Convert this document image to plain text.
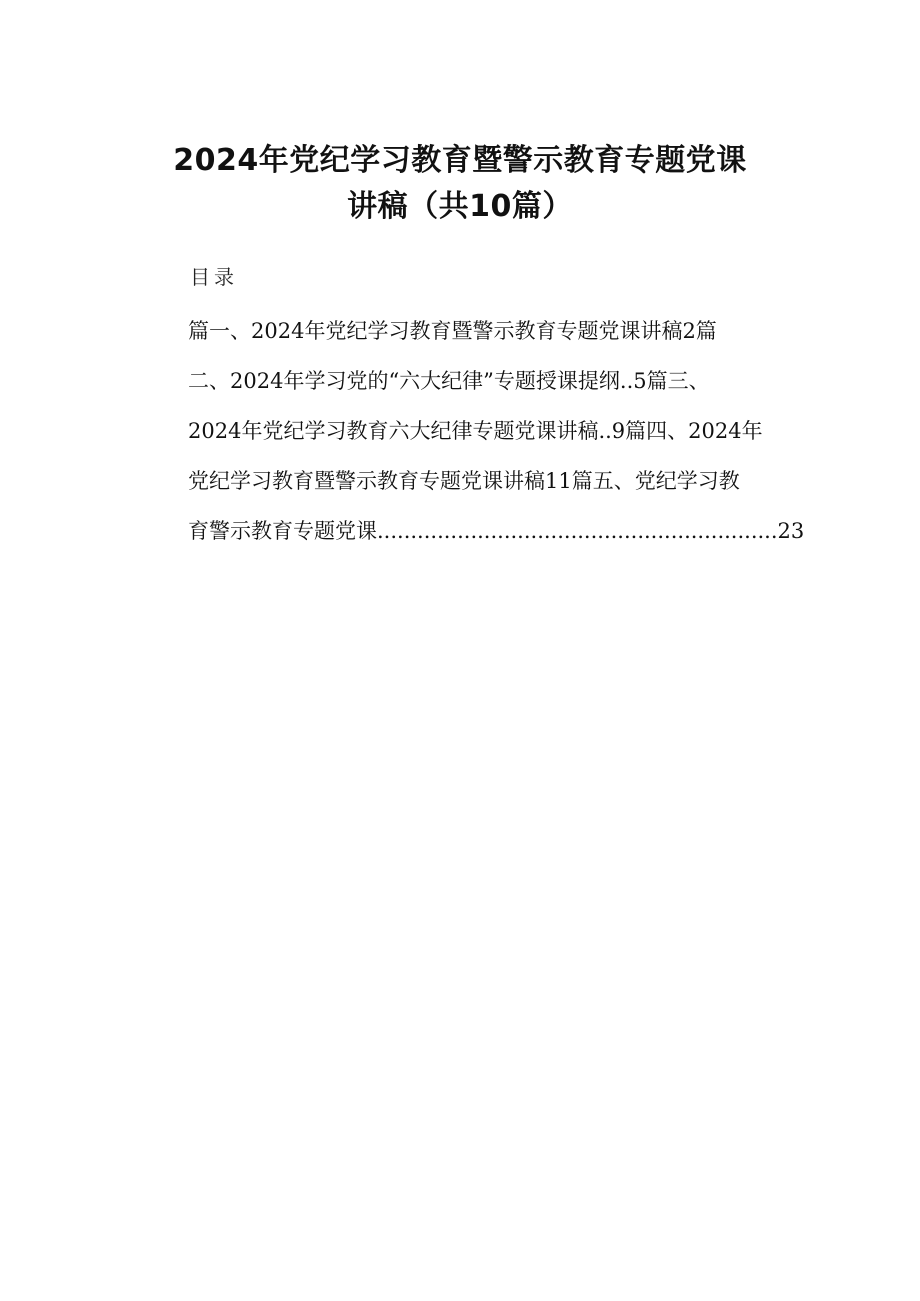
2024年党纪学习教育暨警示教育专题党课
讲稿（共10篇）
目录
篇一、2024年党纪学习教育暨警示教育专题党课讲稿2篇
二、2024年学习党的“六大纪律”专题授课提纲..5篇三、
2024年党纪学习教育六大纪律专题党课讲稿..9篇四、2024年
党纪学习教育暨警示教育专题党课讲稿11篇五、党纪学习教
育警示教育专题党课............................................................23
